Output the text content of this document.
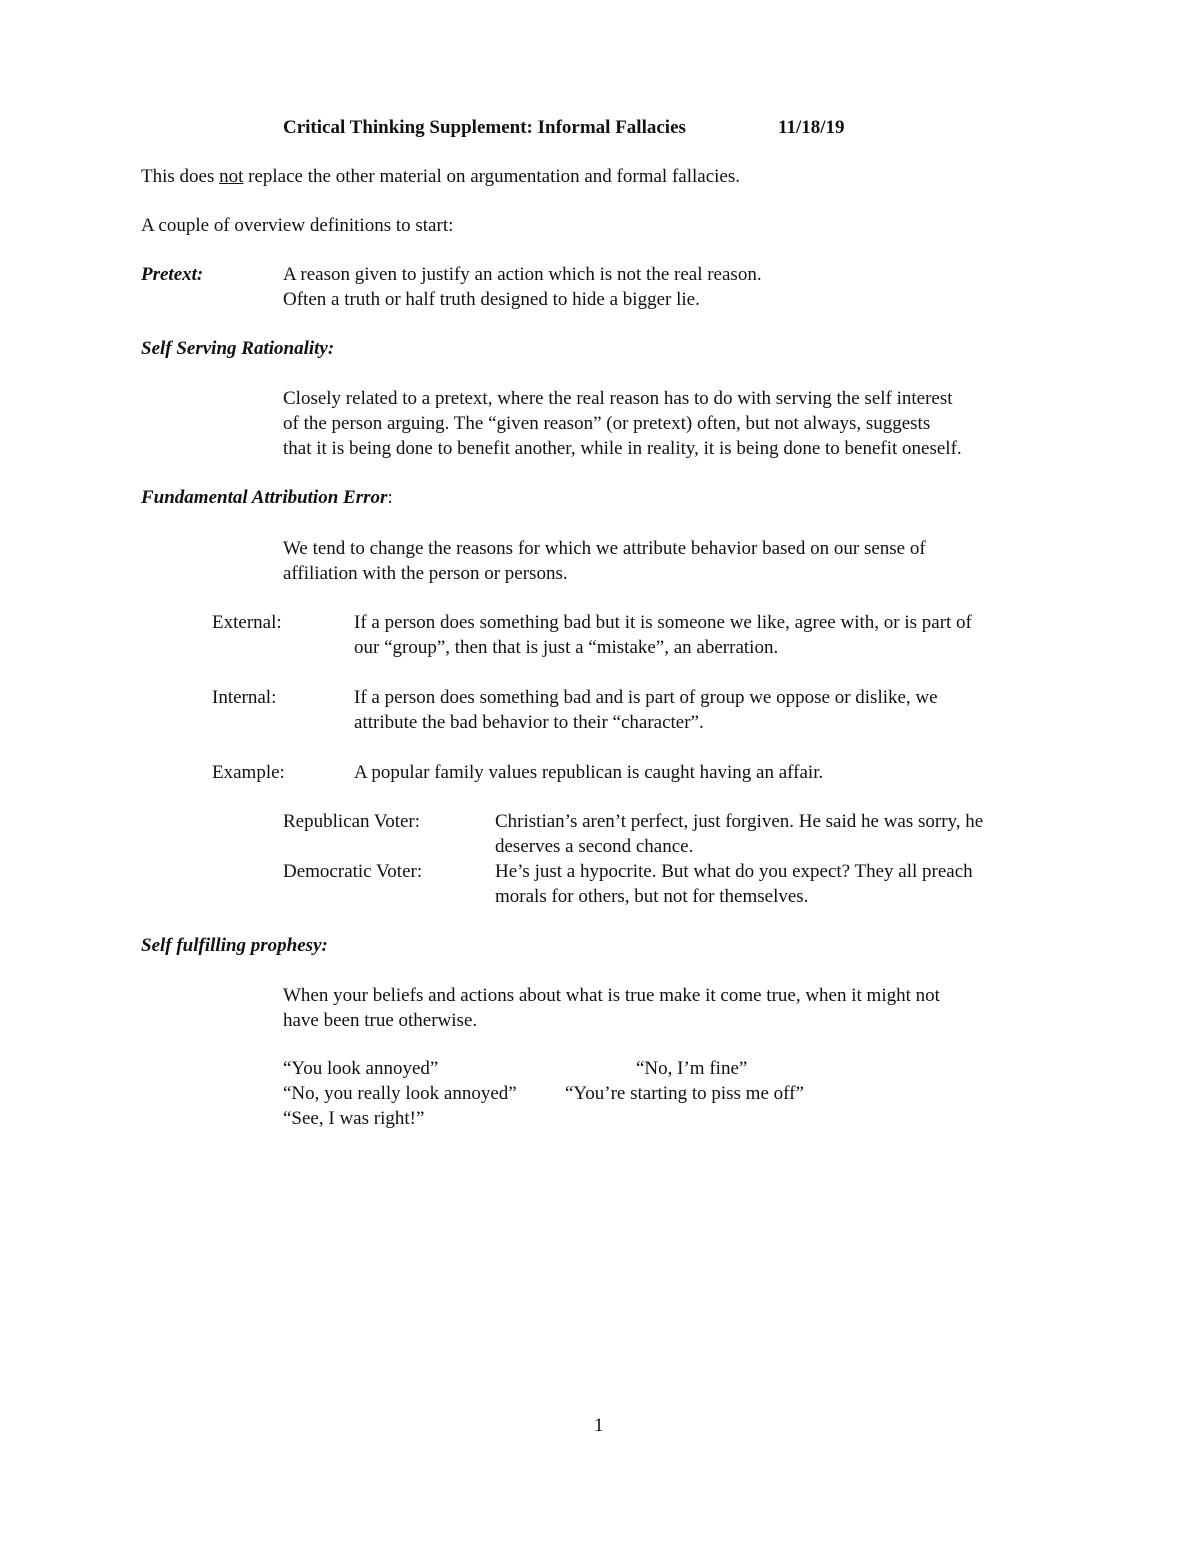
Critical Thinking Supplement: Informal Fallacies	11/18/19
This does not replace the other material on argumentation and formal fallacies.
A couple of overview definitions to start:
Pretext:	A reason given to justify an action which is not the real reason.
Often a truth or half truth designed to hide a bigger lie.
Self Serving Rationality:
Closely related to a pretext, where the real reason has to do with serving the self interest
of the person arguing. The “given reason” (or pretext) often, but not always, suggests
that it is being done to benefit another, while in reality, it is being done to benefit oneself.
Fundamental Attribution Error:
We tend to change the reasons for which we attribute behavior based on our sense of
affiliation with the person or persons.
External:	If a person does something bad but it is someone we like, agree with, or is part of
our “group”, then that is just a “mistake”, an aberration.
Internal:	If a person does something bad and is part of group we oppose or dislike, we
attribute the bad behavior to their “character”.
Example:	A popular family values republican is caught having an affair.
Republican Voter:	Christian’s aren’t perfect, just forgiven. He said he was sorry, he
deserves a second chance.
Democratic Voter:	He’s just a hypocrite. But what do you expect? They all preach
morals for others, but not for themselves.
Self fulfilling prophesy:
When your beliefs and actions about what is true make it come true, when it might not
have been true otherwise.
“You look annoyed”	“No, I’m fine”
“No, you really look annoyed”	“You’re starting to piss me off”
“See, I was right!”
1
